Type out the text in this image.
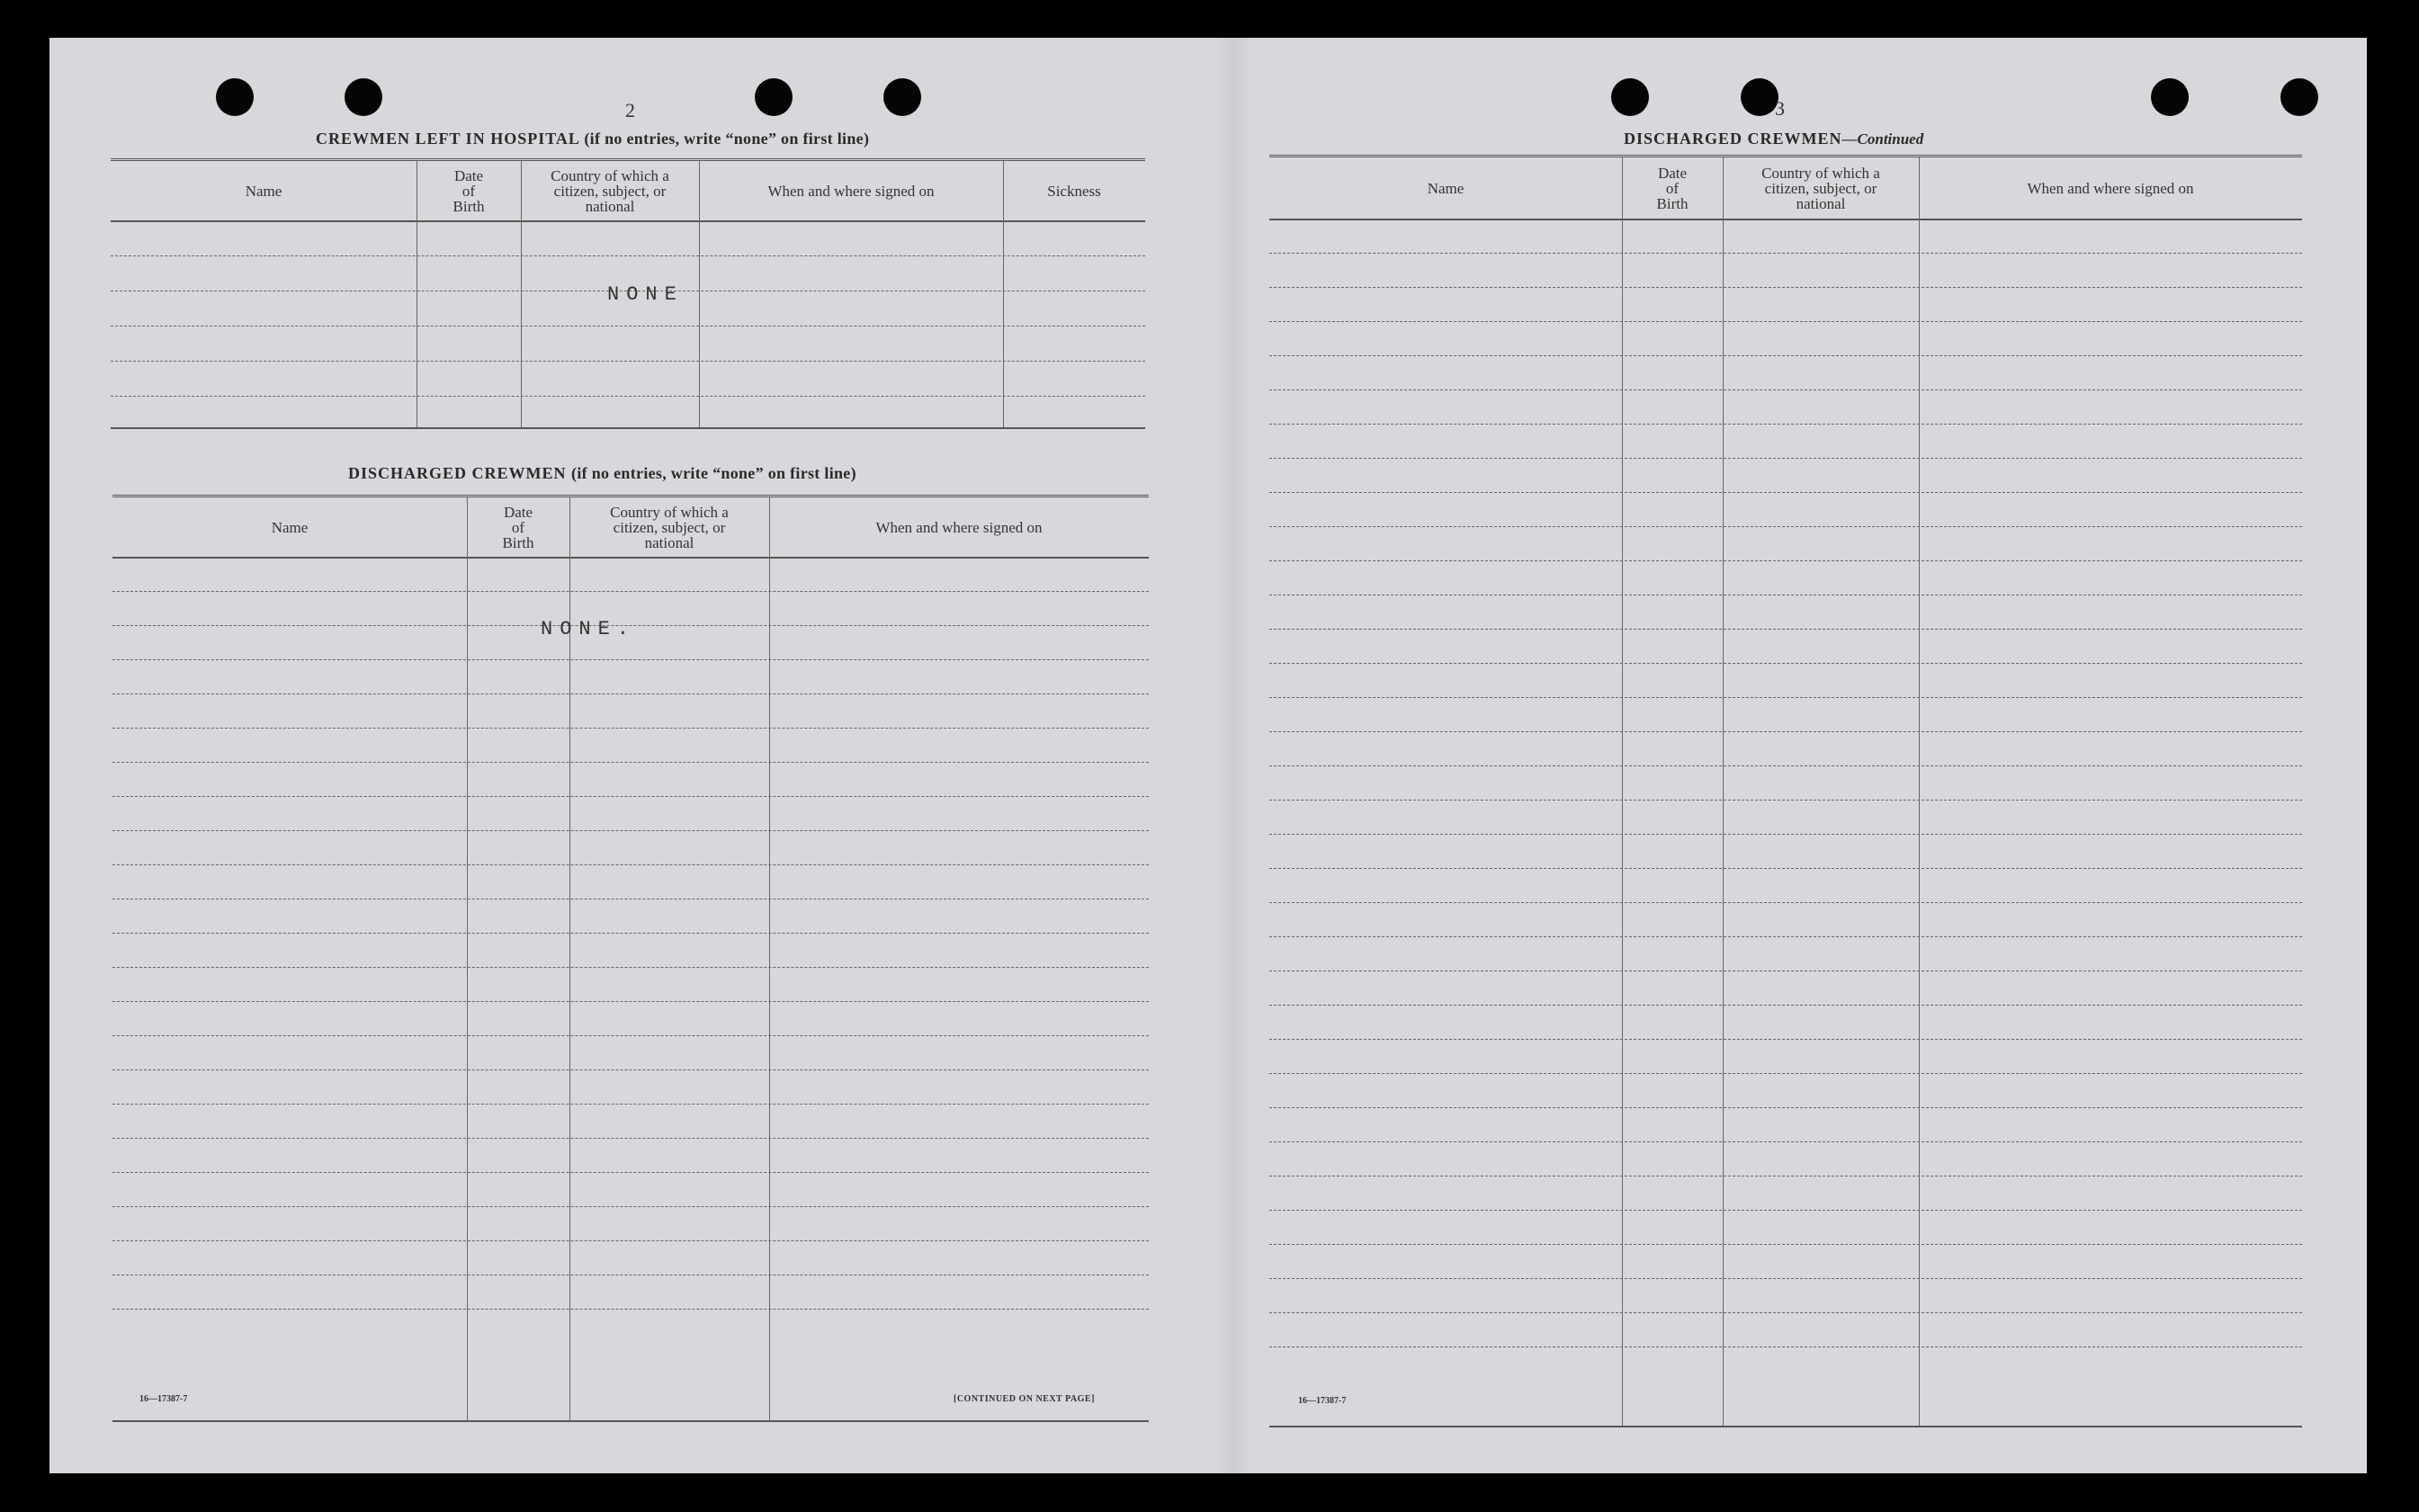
2
CREWMEN LEFT IN HOSPITAL (if no entries, write “none” on first line)
Name
Date
of
Birth
Country of which a
citizen, subject, or
national
When and where signed on	Sickness
NONE
DISCHARGED CREWMEN (if no entries, write “none” on first line)
Name
Date
of
Birth
Country of which a
citizen, subject, or
national
When and where signed on
NONE.
16—17387-7	[CONTINUED ON NEXT PAGE]
3
DISCHARGED CREWMEN—Continued
Name
Date
of
Birth
Country of which a
citizen, subject, or
national
When and where signed on
16—17387-7
